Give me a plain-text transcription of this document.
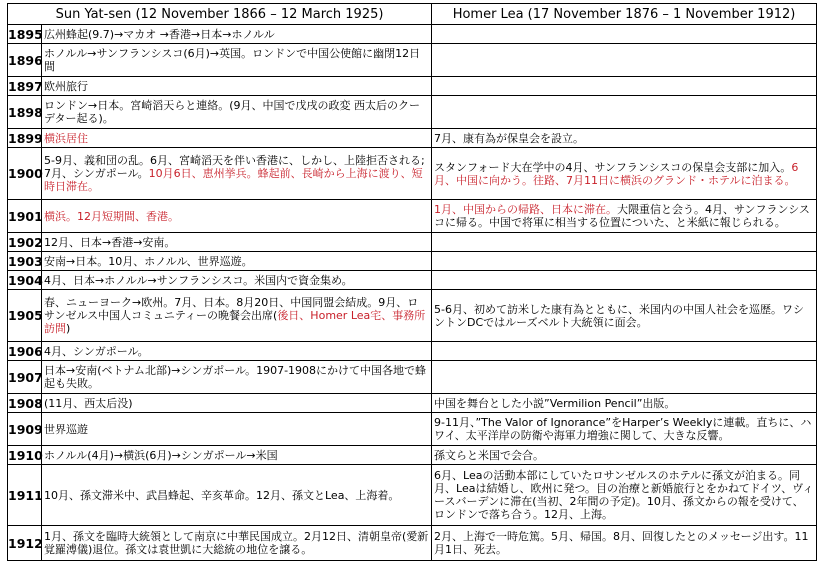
Sun Yat-sen (12 November 1866 – 12 March 1925)		Homer Lea (17 November 1876 – 1 November 1912)
1895	広州蜂起(9.7)→マカオ →香港→日本→ホノルル	
1896	ホノルル→サンフランシスコ(6月)→英国。ロンドンで中国公使館に幽閉12日間	
1897	欧州旅行	
1898	ロンドン→日本。宮崎滔天らと連絡。(9月、中国で戊戌の政変 西太后のクーデター起る)。	
1899	横浜居住	7月、康有為が保皇会を設立。
1900	5-9月、義和団の乱。6月、宮崎滔天を伴い香港に、しかし、上陸拒否される; 7月、シンガポール。10月6日、恵州挙兵。蜂起前、長崎から上海に渡り、短時日滞在。	スタンフォード大在学中の4月、サンフランシスコの保皇会支部に加入。6月、中国に向かう。往路、7月11日に横浜のグランド・ホテルに泊まる。
1901	横浜。12月短期間、香港。	1月、中国からの帰路、日本に滞在。大隈重信と会う。4月、サンフランシスコに帰る。中国で将軍に相当する位置についた、と米紙に報じられる。
1902	12月、日本→香港→安南。	
1903	安南→日本。10月、ホノルル、世界巡遊。	
1904	4月、日本→ホノルル→サンフランシスコ。米国内で資金集め。	
1905	春、ニューヨーク→欧州。7月、日本。8月20日、中国同盟会結成。9月、ロサンゼルス中国人コミュニティーの晩餐会出席(後日、Homer Lea宅、事務所訪問)	5-6月、初めて訪米した康有為とともに、米国内の中国人社会を巡歴。ワシントンDCではルーズベルト大統領に面会。
1906	4月、シンガポール。	
1907	日本→安南(ベトナム北部)→シンガポール。1907-1908にかけて中国各地で蜂起も失敗。	
1908	(11月、西太后没)	中国を舞台とした小説”Vermilion Pencil”出版。
1909	世界巡遊	9-11月、”The Valor of Ignorance”をHarper’s Weeklyに連載。直ちに、ハワイ、太平洋岸の防衛や海軍力増強に関して、大きな反響。
1910	ホノルル(4月)→横浜(6月)→シンガポール→米国	孫文らと米国で会合。
1911	10月、孫文滞米中、武昌蜂起、辛亥革命。12月、孫文とLea、上海着。	6月、Leaの活動本部にしていたロサンゼルスのホテルに孫文が泊まる。同月、Leaは結婚し、欧州に発つ。目の治療と新婚旅行とをかねてドイツ、ヴィースバーデンに滞在(当初、2年間の予定)。10月、孫文からの報を受けて、ロンドンで落ち合う。12月、上海。
1912	1月、孫文を臨時大統領として南京に中華民国成立。2月12日、清朝皇帝(愛新覚羅溥儀)退位。孫文は袁世凱に大総統の地位を譲る。	2月、上海で一時危篤。5月、帰国。8月、回復したとのメッセージ出す。11月1日、死去。
